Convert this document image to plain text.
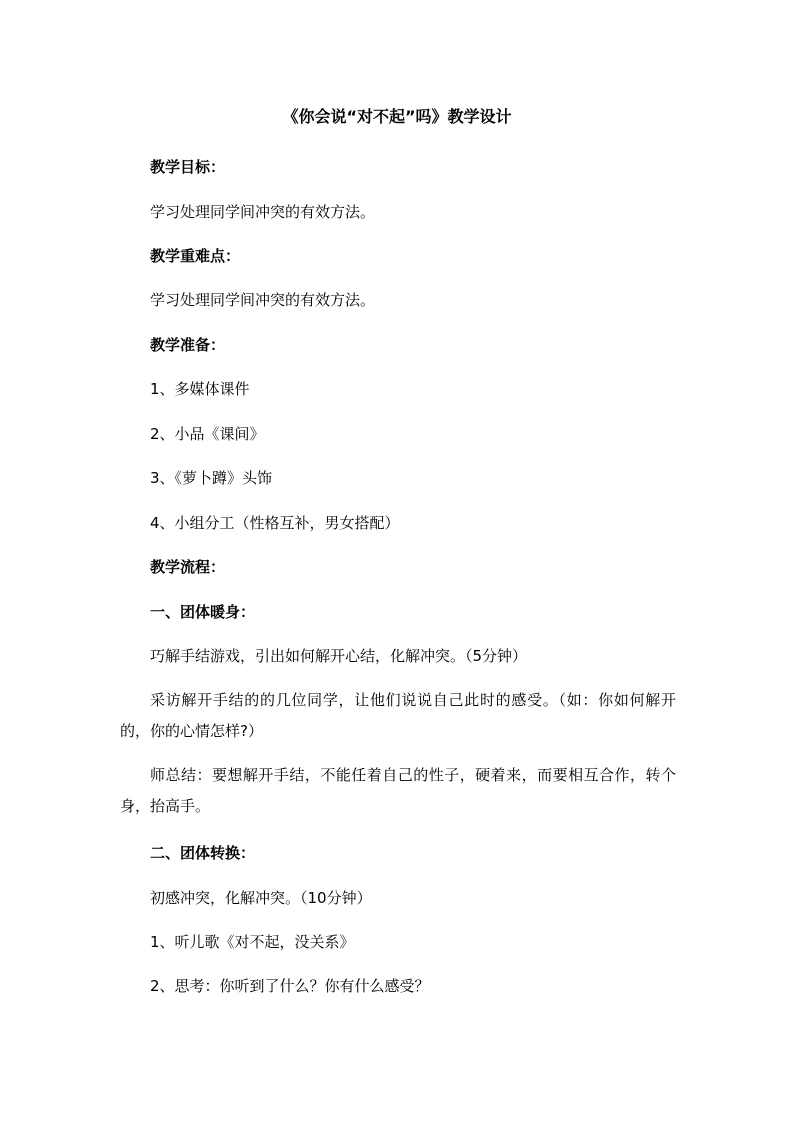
《你会说“对不起”吗》教学设计
教学目标：
学习处理同学间冲突的有效方法。
教学重难点：
学习处理同学间冲突的有效方法。
教学准备：
1、多媒体课件
2、小品《课间》
3、《萝卜蹲》头饰
4、小组分工（性格互补，男女搭配）
教学流程：
一、团体暖身：
巧解手结游戏，引出如何解开心结，化解冲突。（5分钟）
采访解开手结的的几位同学，让他们说说自己此时的感受。（如：你如何解开的，你的心情怎样?）
师总结：要想解开手结，不能任着自己的性子，硬着来，而要相互合作，转个身，抬高手。
二、团体转换：
初感冲突，化解冲突。（10分钟）
1、听儿歌《对不起，没关系》
2、思考：你听到了什么？你有什么感受？
